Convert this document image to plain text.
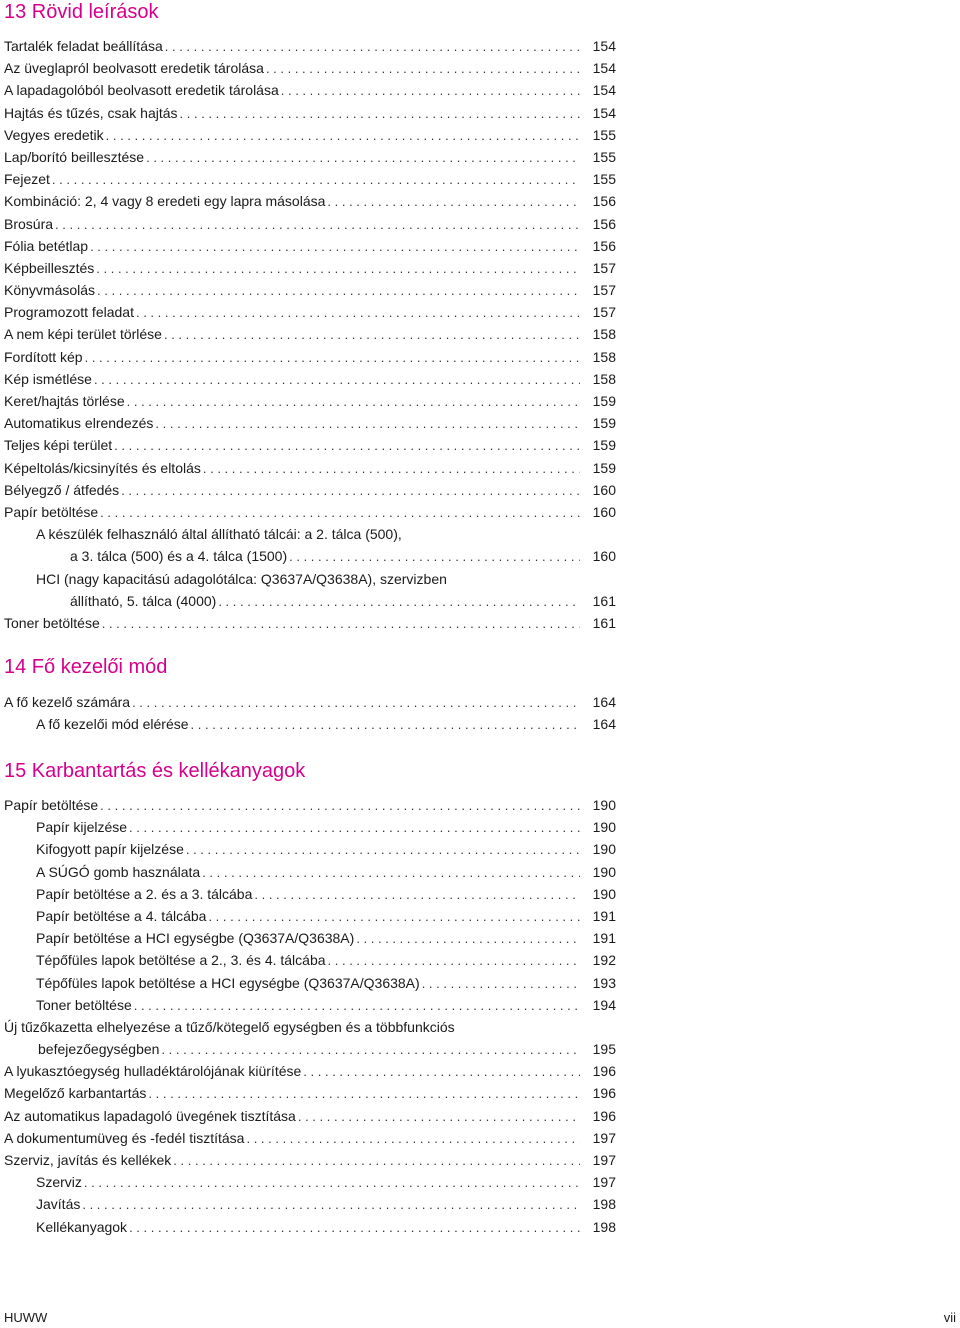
13 Rövid leírások
Tartalék feladat beállítása . . .	154
Az üveglapról beolvasott eredetik tárolása . . .	154
A lapadagolóból beolvasott eredetik tárolása . . .	154
Hajtás és tűzés, csak hajtás . . .	154
Vegyes eredetik . . .	155
Lap/borító beillesztése . . .	155
Fejezet . . .	155
Kombináció: 2, 4 vagy 8 eredeti egy lapra másolása . . .	156
Brosúra . . .	156
Fólia betétlap . . .	156
Képbeillesztés . . .	157
Könyvmásolás . . .	157
Programozott feladat . . .	157
A nem képi terület törlése . . .	158
Fordított kép . . .	158
Kép ismétlése . . .	158
Keret/hajtás törlése . . .	159
Automatikus elrendezés . . .	159
Teljes képi terület . . .	159
Képeltolás/kicsinyítés és eltolás . . .	159
Bélyegző / átfedés . . .	160
Papír betöltése . . .	160
A készülék felhasználó által állítható tálcái: a 2. tálca (500),
a 3. tálca (500) és a 4. tálca (1500) . . .	160
HCI (nagy kapacitású adagolótálca: Q3637A/Q3638A), szervizben
állítható, 5. tálca (4000) . . .	161
Toner betöltése . . .	161
14 Fő kezelői mód
A fő kezelő számára . . .	164
A fő kezelői mód elérése . . .	164
15 Karbantartás és kellékanyagok
Papír betöltése . . .	190
Papír kijelzése . . .	190
Kifogyott papír kijelzése . . .	190
A SÚGÓ gomb használata . . .	190
Papír betöltése a 2. és a 3. tálcába . . .	190
Papír betöltése a 4. tálcába . . .	191
Papír betöltése a HCI egységbe (Q3637A/Q3638A) . . .	191
Tépőfüles lapok betöltése a 2., 3. és 4. tálcába . . .	192
Tépőfüles lapok betöltése a HCI egységbe (Q3637A/Q3638A) . . .	193
Toner betöltése . . .	194
Új tűzőkazetta elhelyezése a tűző/kötegelő egységben és a többfunkciós
befejezőegységben . . .	195
A lyukasztóegység hulladéktárolójának kiürítése . . .	196
Megelőző karbantartás . . .	196
Az automatikus lapadagoló üvegének tisztítása . . .	196
A dokumentumüveg és -fedél tisztítása . . .	197
Szerviz, javítás és kellékek . . .	197
Szerviz . . .	197
Javítás . . .	198
Kellékanyagok . . .	198
HUWW	vii
